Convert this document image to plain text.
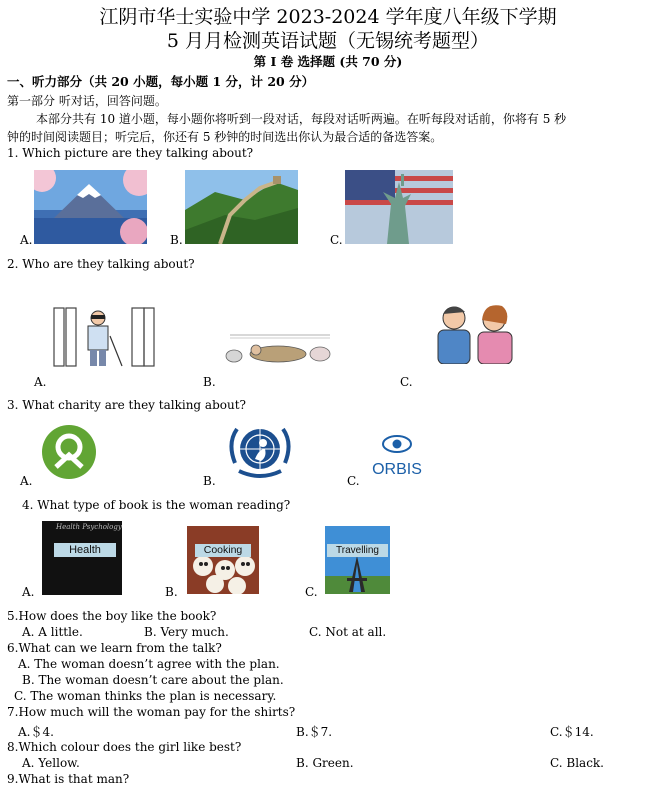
江阴市华士实验中学 2023-2024 学年度八年级下学期
5 月月检测英语试题（无锡统考题型）
第 I 卷 选择题 (共 70 分)
一、听力部分（共 20 小题，每小题 1 分，计 20 分）
第一部分 听对话，回答问题。
本部分共有 10 道小题，每小题你将听到一段对话，每段对话听两遍。在听每段对话前，你将有 5 秒
钟的时间阅读题目；听完后，你还有 5 秒钟的时间选出你认为最合适的备选答案。
1. Which picture are they talking about?
A.	B.	C.
2. Who are they talking about?
A.	B.	C.
3. What charity are they talking about?
A.	B.
ORBIS
C.
4. What type of book is the woman reading?
Health Psychology
Health
A.
Cooking
B.
Travelling
C.
5.How does the boy like the book?
A. A little.	B. Very much.	C. Not at all.
6.What can we learn from the talk?
A. The woman doesn’t agree with the plan.
B. The woman doesn’t care about the plan.
C. The woman thinks the plan is necessary.
7.How much will the woman pay for the shirts?
A.＄4.	B.＄7.	C.＄14.
8.Which colour does the girl like best?
A. Yellow.	B. Green.	C. Black.
9.What is that man?
